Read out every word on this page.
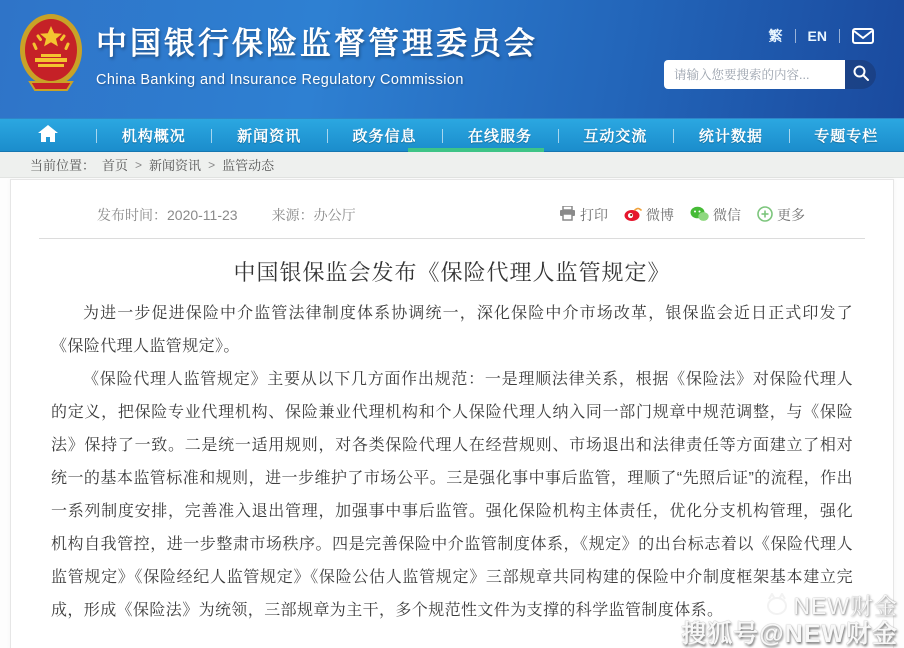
中国银行保险监督管理委员会
China Banking and Insurance Regulatory Commission
繁 EN
请输入您要搜索的内容...
机构概况	新闻资讯	政务信息	在线服务	互动交流	统计数据	专题专栏
当前位置： 首页 > 新闻资讯 > 监管动态
发布时间：2020-11-23 来源：办公厅	打印	微博	微信	更多
中国银保监会发布《保险代理人监管规定》

为进一步促进保险中介监管法律制度体系协调统一，深化保险中介市场改革，银保监会近日正式印发了《保险代理人监管规定》。

《保险代理人监管规定》主要从以下几方面作出规范：一是理顺法律关系，根据《保险法》对保险代理人的定义，把保险专业代理机构、保险兼业代理机构和个人保险代理人纳入同一部门规章中规范调整，与《保险法》保持了一致。二是统一适用规则，对各类保险代理人在经营规则、市场退出和法律责任等方面建立了相对统一的基本监管标准和规则，进一步维护了市场公平。三是强化事中事后监管，理顺了“先照后证”的流程，作出一系列制度安排，完善准入退出管理，加强事中事后监管。强化保险机构主体责任，优化分支机构管理，强化机构自我管控，进一步整肃市场秩序。四是完善保险中介监管制度体系，《规定》的出台标志着以《保险代理人监管规定》《保险经纪人监管规定》《保险公估人监管规定》三部规章共同构建的保险中介制度框架基本建立完成，形成《保险法》为统领，三部规章为主干，多个规范性文件为支撑的科学监管制度体系。	NEW财金
搜狐号@NEW财金
